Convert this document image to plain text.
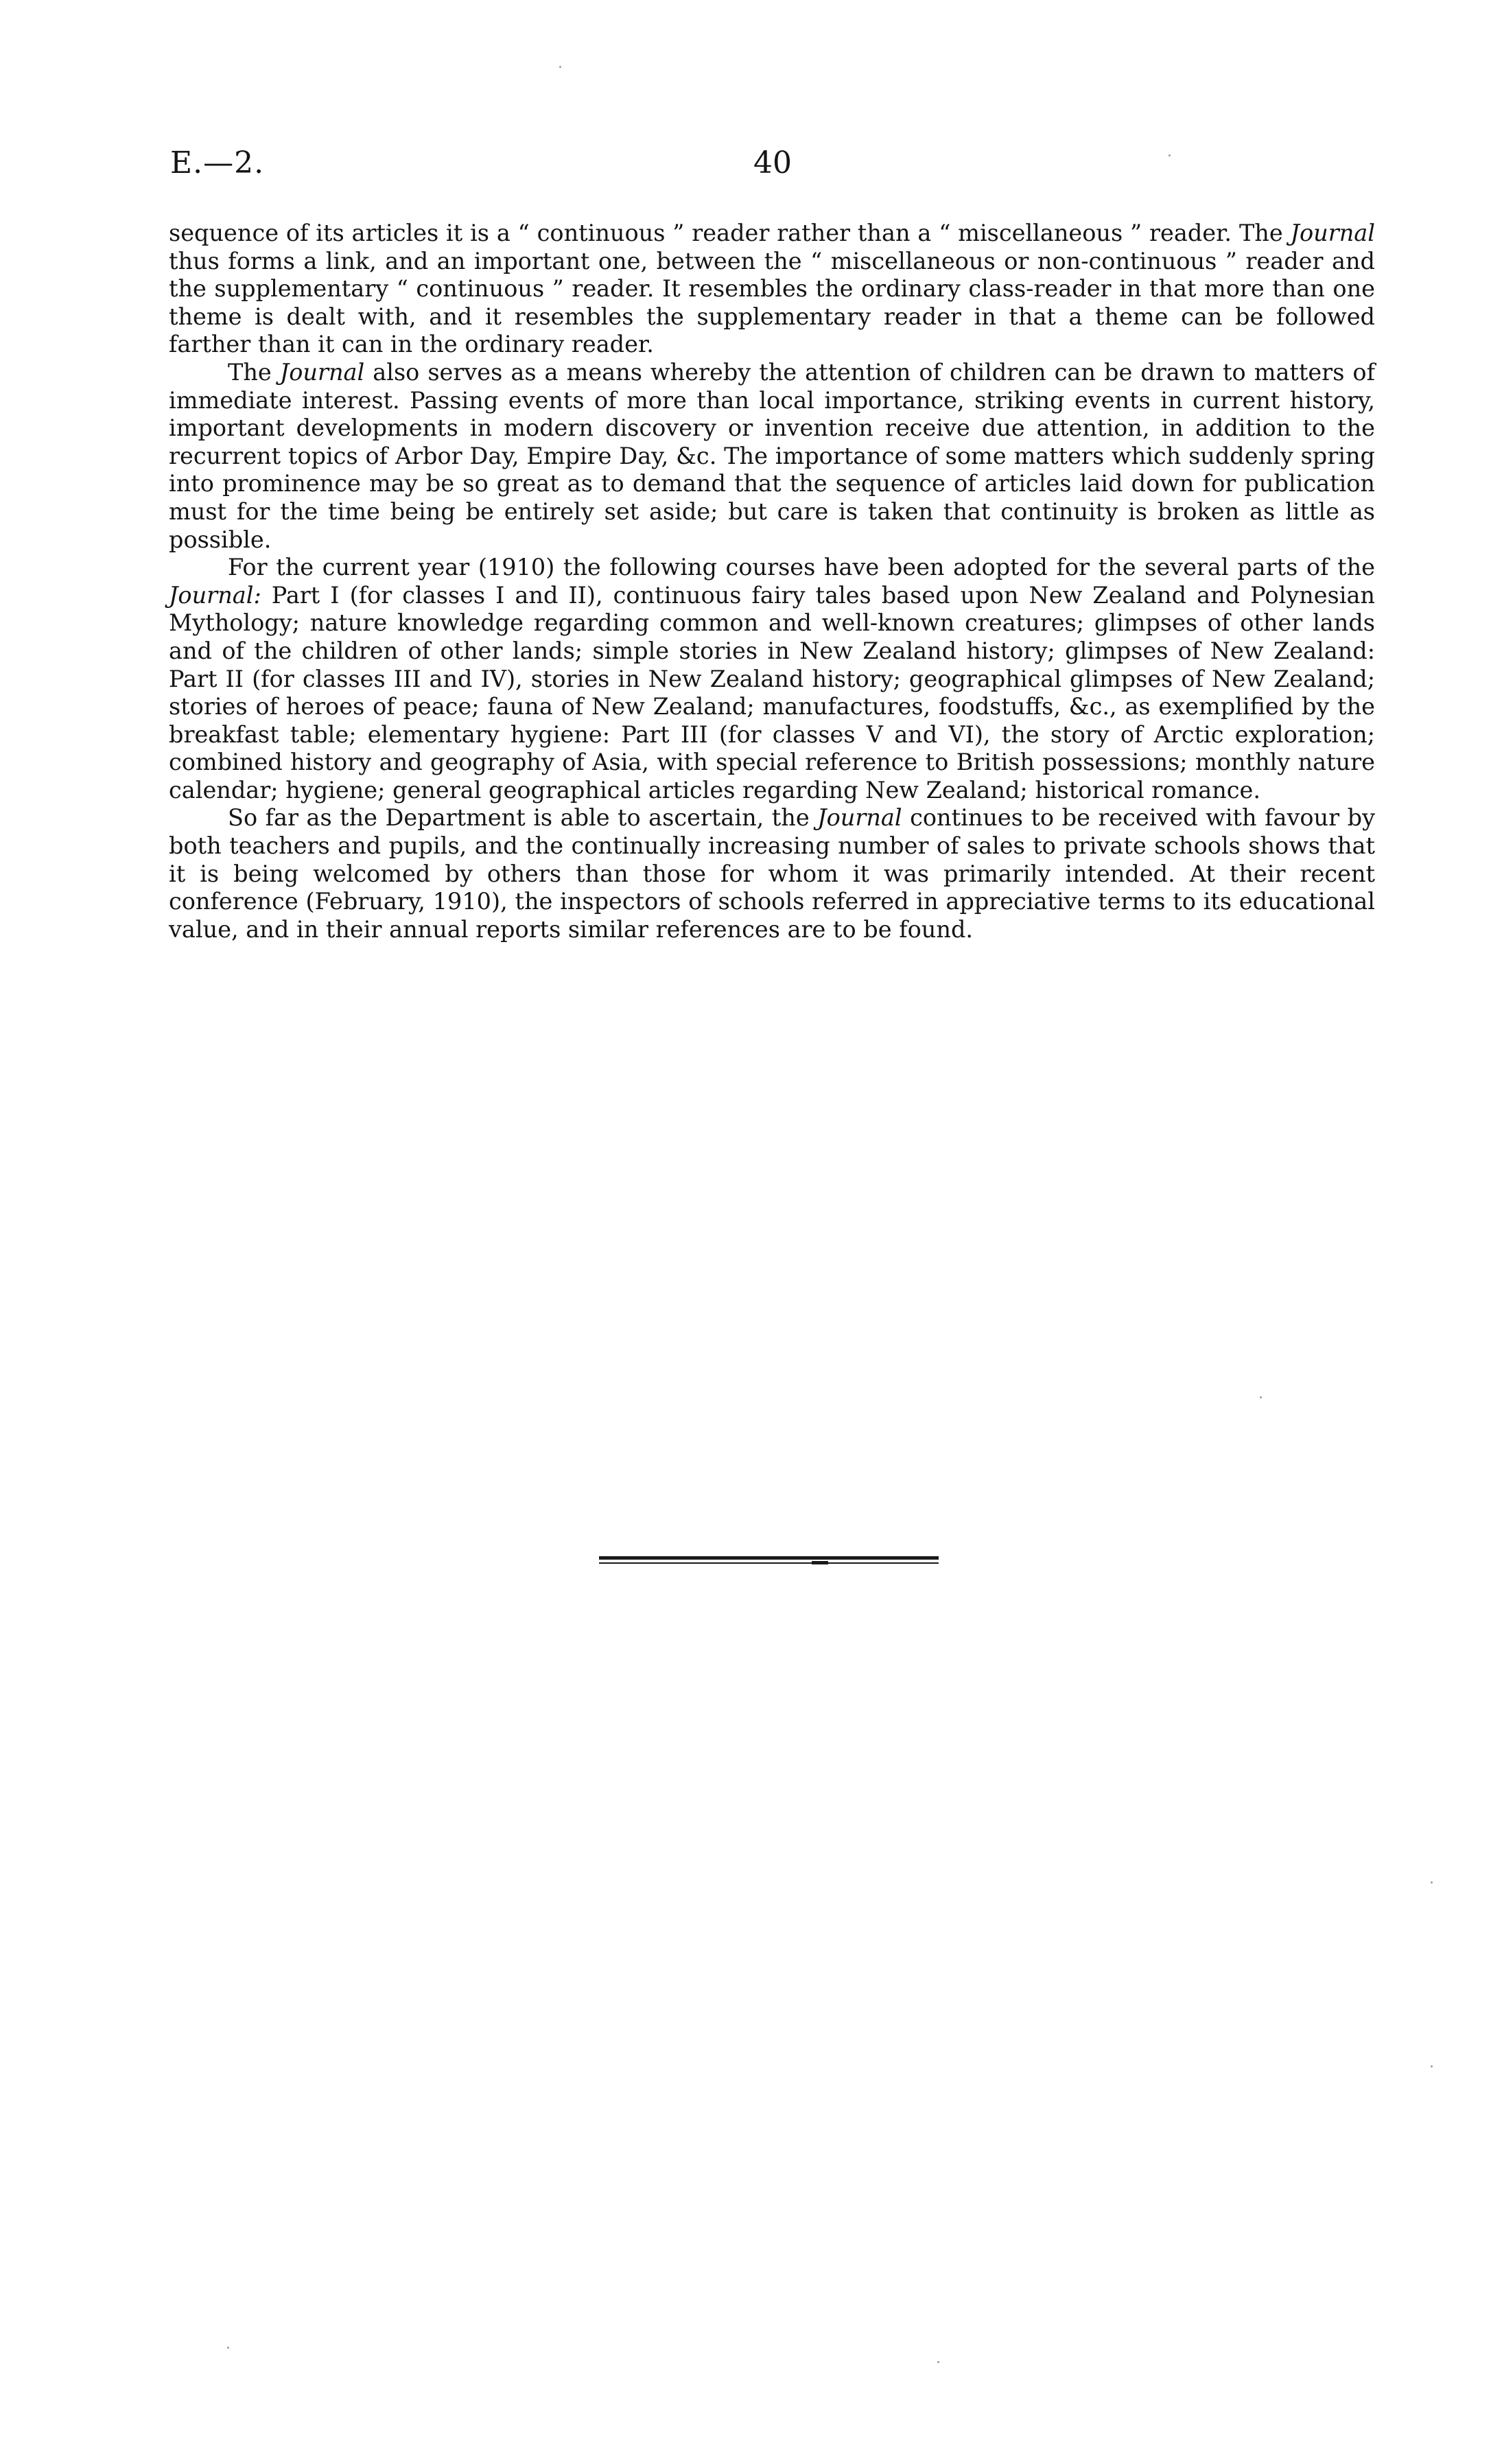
E.—2.	40

sequence of its articles it is a “ continuous ” reader rather than a “ miscellaneous ” reader. The Journal thus forms a link, and an important one, between the “ miscellaneous or non-continuous ” reader and the supplementary “ continuous ” reader. It resembles the ordinary class-reader in that more than one theme is dealt with, and it resembles the supplementary reader in that a theme can be followed farther than it can in the ordinary reader.

The Journal also serves as a means whereby the attention of children can be drawn to matters of immediate interest. Passing events of more than local importance, striking events in current history, important developments in modern discovery or invention receive due attention, in addition to the recurrent topics of Arbor Day, Empire Day, &c. The importance of some matters which suddenly spring into prominence may be so great as to demand that the sequence of articles laid down for publication must for the time being be entirely set aside; but care is taken that continuity is broken as little as possible.

For the current year (1910) the following courses have been adopted for the several parts of the Journal: Part I (for classes I and II), continuous fairy tales based upon New Zealand and Polynesian Mythology; nature knowledge regarding common and well-known creatures; glimpses of other lands and of the children of other lands; simple stories in New Zealand history; glimpses of New Zealand: Part II (for classes III and IV), stories in New Zealand history; geographical glimpses of New Zealand; stories of heroes of peace; fauna of New Zealand; manufactures, foodstuffs, &c., as exemplified by the breakfast table; elementary hygiene: Part III (for classes V and VI), the story of Arctic exploration; combined history and geography of Asia, with special reference to British possessions; monthly nature calendar; hygiene; general geographical articles regarding New Zealand; historical romance.

So far as the Department is able to ascertain, the Journal continues to be received with favour by both teachers and pupils, and the continually increasing number of sales to private schools shows that it is being welcomed by others than those for whom it was primarily intended. At their recent conference (February, 1910), the inspectors of schools referred in appreciative terms to its educational value, and in their annual reports similar references are to be found.
